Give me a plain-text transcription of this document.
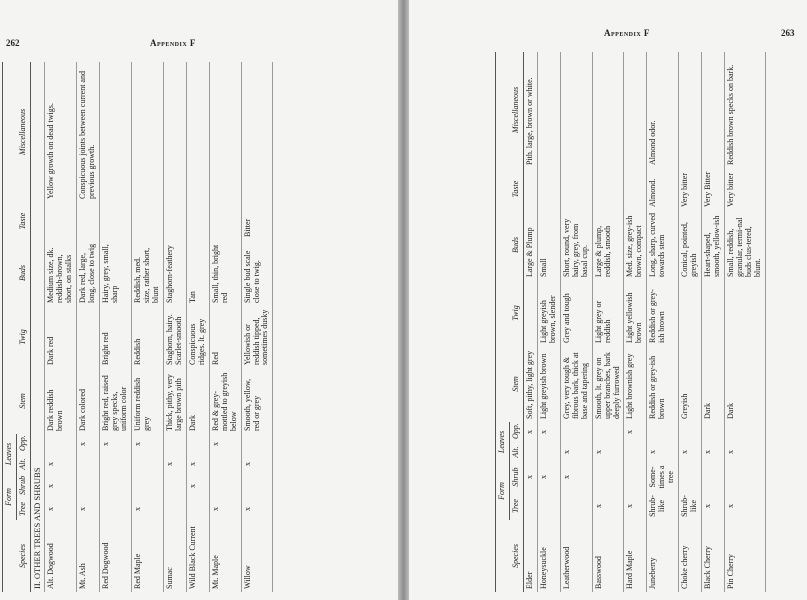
262	Appendix F
	Form		Leaves						
Species	Tree	Shrub	Alt.	Opp.	Stem	Twig	Buds	Taste	Miscellaneous
II. OTHER TREES AND SHRUBS									
Alt. Dogwood	x	x	x		Dark reddish brown	Dark red	Medium size, dk. reddish-brown, short, on stalks		Yellow growth on dead twigs.
Mt. Ash	x			x	Dark colored		Dark red, large, long, close to twig		Conspicuous joints between current and previous growth.
Red Dogwood				x	Bright red, raised grey specks, uniform color	Bright red	Hairy, grey, small, sharp		
Red Maple	x			x	Uniform reddish grey	Reddish	Reddish, med. size, rather short, blunt		
Sumac			x		Thick, pithy, very large brown pith	Staghorn, hairy. Scarlet-smooth	Staghorn-feathery		
Wild Black Current		x	x		Dark	Conspicuous ridges. lt. grey	Tan		
Mt. Maple	x			x	Red & grey-mottled to greyish below	Red	Small, thin, bright red		
Willow	x		x		Smooth, yellow, red or grey	Yellowish or reddish tipped, sometimes dusky	Single bud scale close to twig.	Bitter	
Appendix F	263
	Form		Leaves						
Species	Tree	Shrub	Alt.	Opp.	Stem	Twig	Buds	Taste	Miscellaneous
Elder		x		x	Soft, pithy, light grey		Large & Plump		Pith. large, brown or white.
Honeysuckle		x		x	Light greyish brown	Light greyish brown, slender	Small		
Leatherwood		x	x		Grey, very tough & fibrous bark, thick at base and tapering	Grey and tough	Short, round, very hairy, grey, from basal cup.		
Basswood	x		x		Smooth, lt. grey on upper branches, bark deeply furrowed	Light grey or reddish	Large & plump, reddish, smooth		
Hard Maple	x			x	Light brownish grey	Light yellowish brown	Med. size, grey-ish brown, compact		
Juneberry	Shrub-like	Some-times a tree	x		Reddish or grey-ish brown	Reddish or grey-ish brown	Long, sharp, curved towards stem	Almond.	Almond odor.
Choke cherry	Shrub-like		x		Greyish		Conical, pointed, greyish	Very bitter	
Black Cherry	x		x		Dark		Heart-shaped, smooth, yellow-ish	Very Bitter	
Pin Cherry	x		x		Dark		Small, reddish, granular, termi-nal buds clus-tered, blunt.	Very bitter	Reddish brown specks on bark.
